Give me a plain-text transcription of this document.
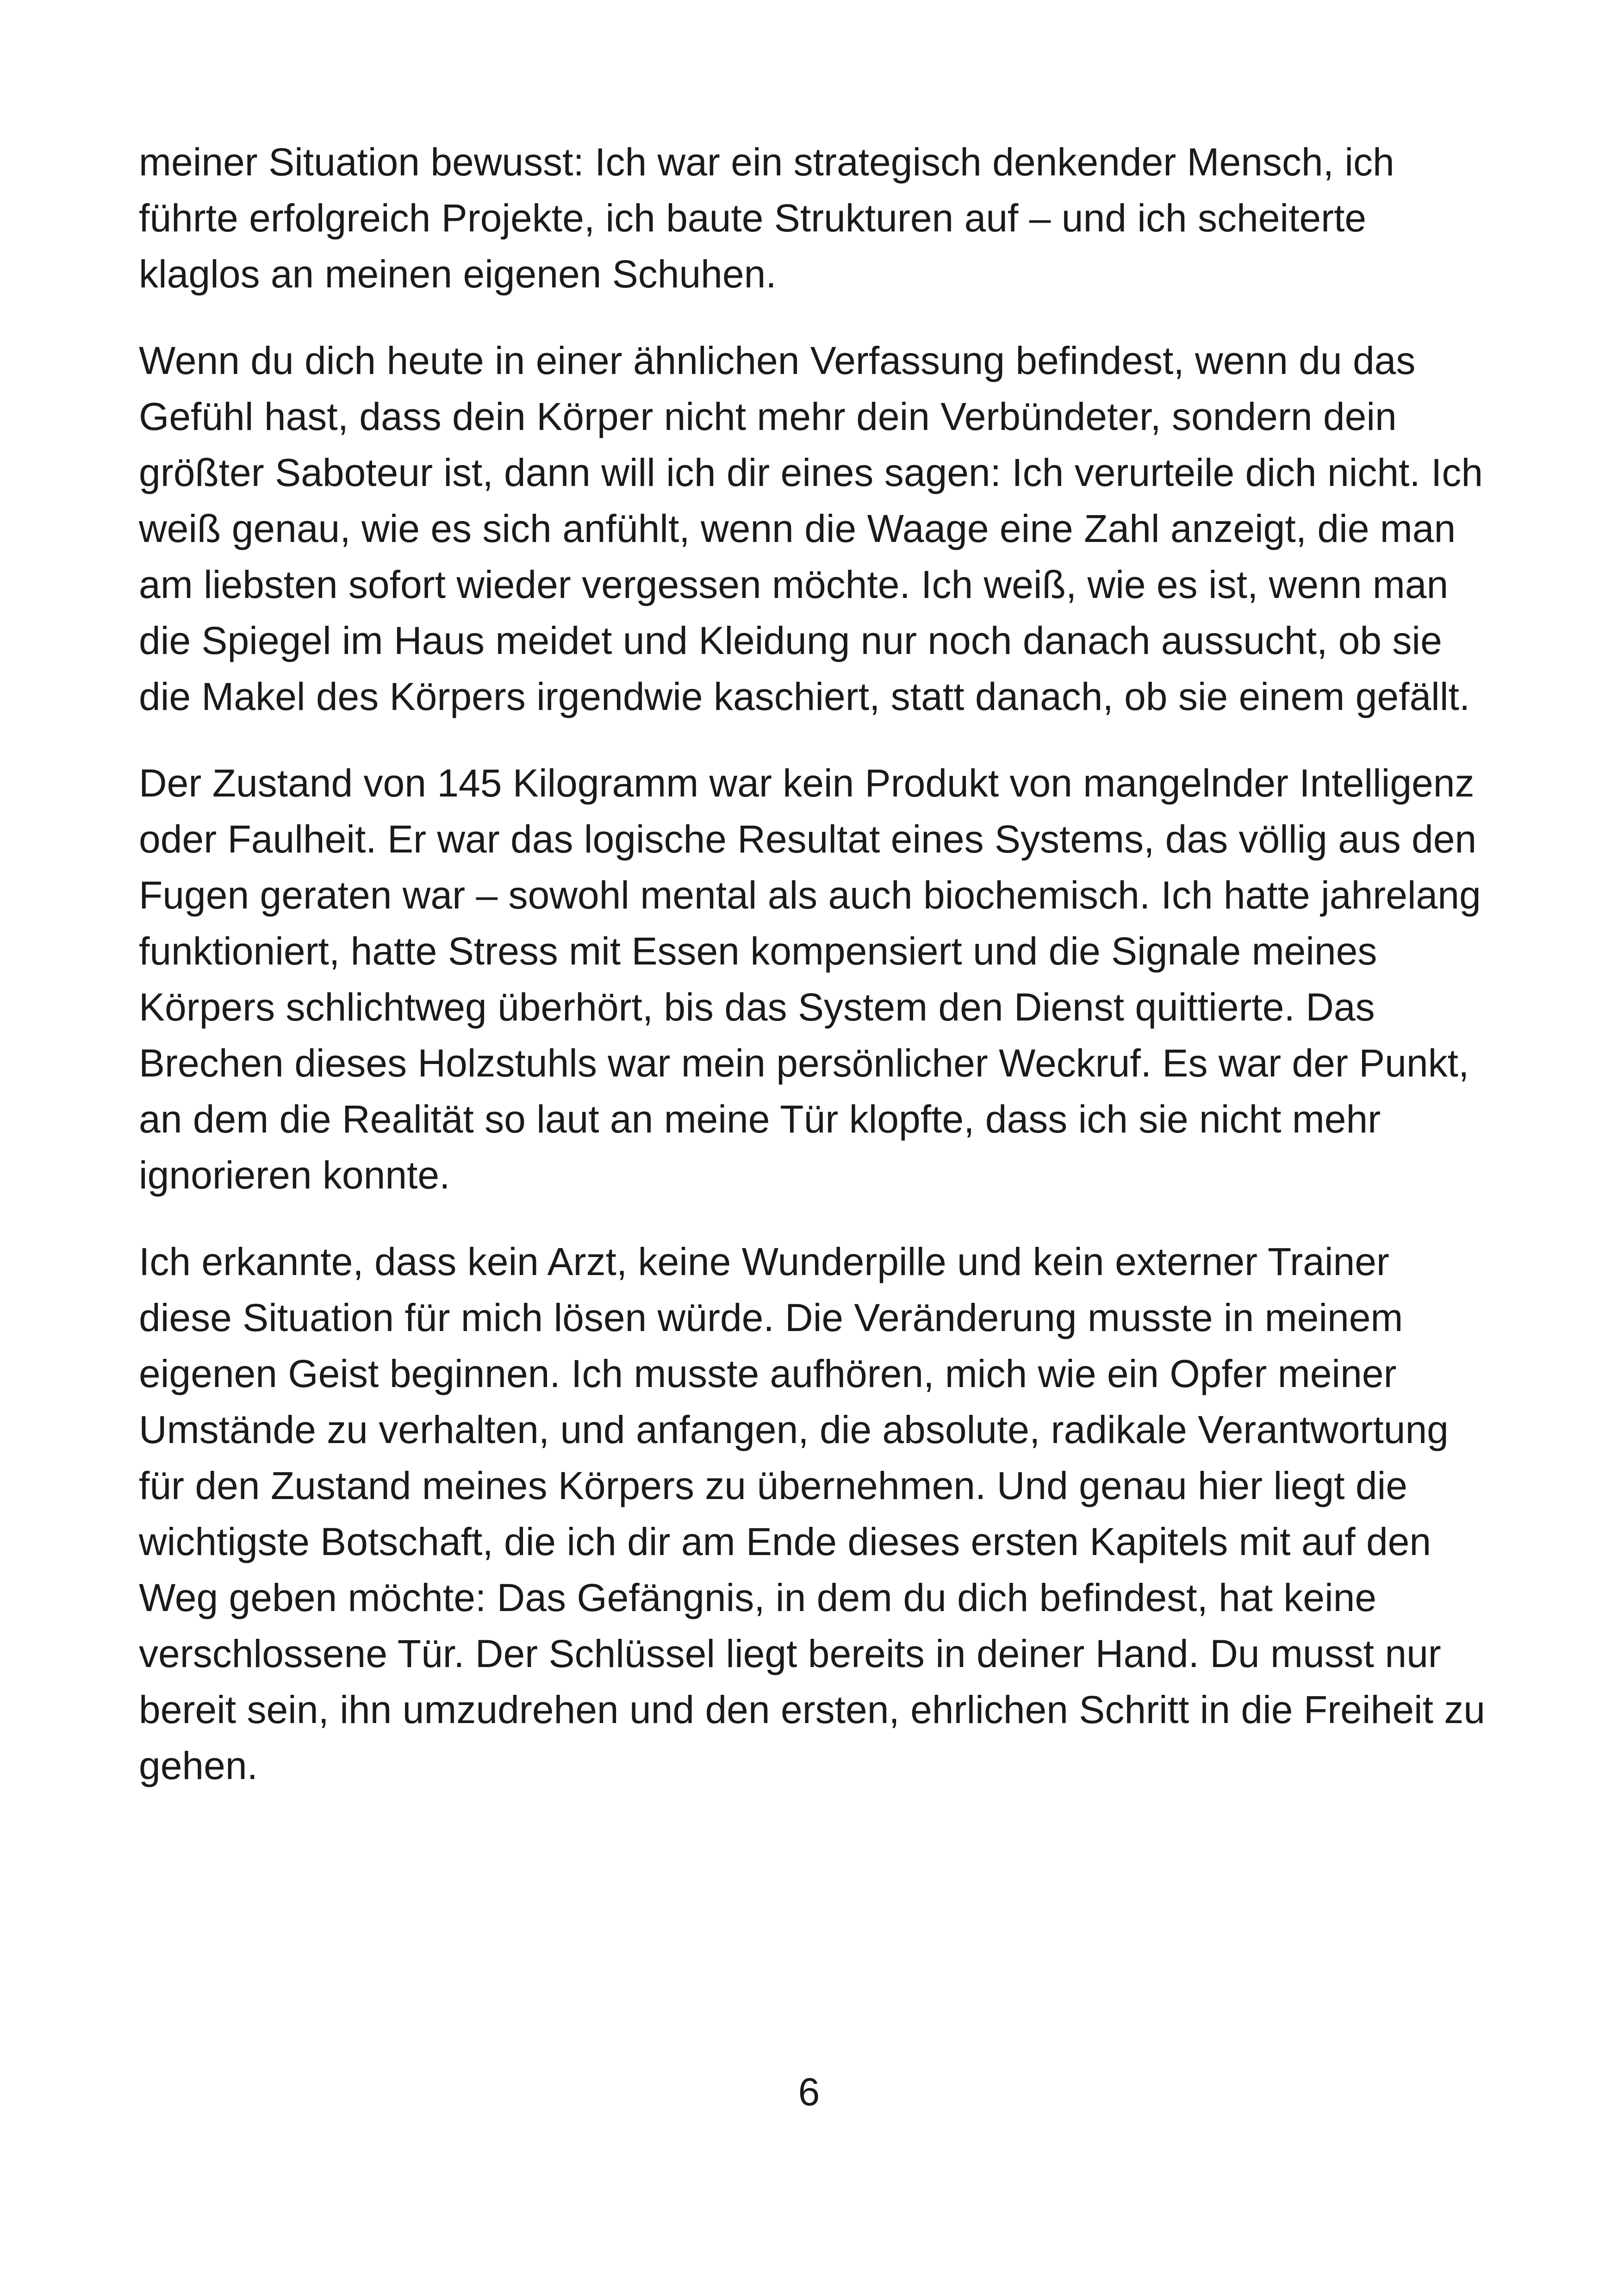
meiner Situation bewusst: Ich war ein strategisch denkender Mensch, ich führte erfolgreich Projekte, ich baute Strukturen auf – und ich scheiterte klaglos an meinen eigenen Schuhen.

Wenn du dich heute in einer ähnlichen Verfassung befindest, wenn du das Gefühl hast, dass dein Körper nicht mehr dein Verbündeter, sondern dein größter Saboteur ist, dann will ich dir eines sagen: Ich verurteile dich nicht. Ich weiß genau, wie es sich anfühlt, wenn die Waage eine Zahl anzeigt, die man am liebsten sofort wieder vergessen möchte. Ich weiß, wie es ist, wenn man die Spiegel im Haus meidet und Kleidung nur noch danach aussucht, ob sie die Makel des Körpers irgendwie kaschiert, statt danach, ob sie einem gefällt.

Der Zustand von 145 Kilogramm war kein Produkt von mangelnder Intelligenz oder Faulheit. Er war das logische Resultat eines Systems, das völlig aus den Fugen geraten war – sowohl mental als auch biochemisch. Ich hatte jahrelang funktioniert, hatte Stress mit Essen kompensiert und die Signale meines Körpers schlichtweg überhört, bis das System den Dienst quittierte. Das Brechen dieses Holzstuhls war mein persönlicher Weckruf. Es war der Punkt, an dem die Realität so laut an meine Tür klopfte, dass ich sie nicht mehr ignorieren konnte.

Ich erkannte, dass kein Arzt, keine Wunderpille und kein externer Trainer diese Situation für mich lösen würde. Die Veränderung musste in meinem eigenen Geist beginnen. Ich musste aufhören, mich wie ein Opfer meiner Umstände zu verhalten, und anfangen, die absolute, radikale Verantwortung für den Zustand meines Körpers zu übernehmen. Und genau hier liegt die wichtigste Botschaft, die ich dir am Ende dieses ersten Kapitels mit auf den Weg geben möchte: Das Gefängnis, in dem du dich befindest, hat keine verschlossene Tür. Der Schlüssel liegt bereits in deiner Hand. Du musst nur bereit sein, ihn umzudrehen und den ersten, ehrlichen Schritt in die Freiheit zu gehen.

6
